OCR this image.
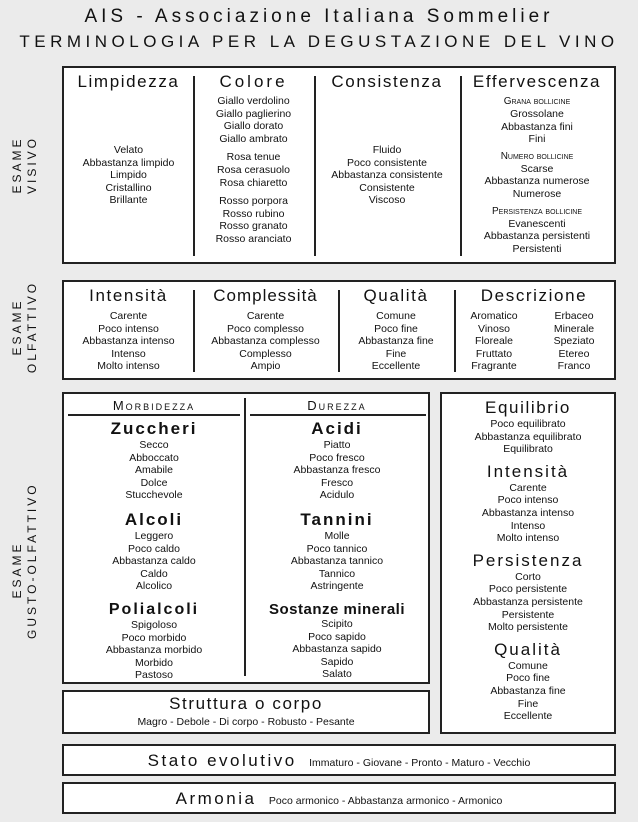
AIS - Associazione Italiana Sommelier
TERMINOLOGIA PER LA DEGUSTAZIONE DEL VINO
ESAME VISIVO
Limpidezza
Velato
Abbastanza limpido
Limpido
Cristallino
Brillante
Colore
Giallo verdolino
Giallo paglierino
Giallo dorato
Giallo ambrato
Rosa tenue
Rosa cerasuolo
Rosa chiaretto
Rosso porpora
Rosso rubino
Rosso granato
Rosso aranciato
Consistenza
Fluido
Poco consistente
Abbastanza consistente
Consistente
Viscoso
Effervescenza
Grana bollicine
Grossolane
Abbastanza fini
Fini
Numero bollicine
Scarse
Abbastanza numerose
Numerose
Persistenza bollicine
Evanescenti
Abbastanza persistenti
Persistenti
ESAME OLFATTIVO	Intensità
Carente
Poco intenso
Abbastanza intenso
Intenso
Molto intenso
Complessità
Carente
Poco complesso
Abbastanza complesso
Complesso
Ampio
Qualità
Comune
Poco fine
Abbastanza fine
Fine
Eccellente
Descrizione
Aromatico
Vinoso
Floreale
Fruttato
Fragrante
Erbaceo
Minerale
Speziato
Etereo
Franco
ESAME GUSTO-OLFATTIVO
Morbidezza
Zuccheri
Secco
Abboccato
Amabile
Dolce
Stucchevole
Alcoli
Leggero
Poco caldo
Abbastanza caldo
Caldo
Alcolico
Polialcoli
Spigoloso
Poco morbido
Abbastanza morbido
Morbido
Pastoso
Durezza
Acidi
Piatto
Poco fresco
Abbastanza fresco
Fresco
Acidulo
Tannini
Molle
Poco tannico
Abbastanza tannico
Tannico
Astringente
Sostanze minerali
Scipito
Poco sapido
Abbastanza sapido
Sapido
Salato
Equilibrio
Poco equilibrato
Abbastanza equilibrato
Equilibrato
Intensità
Carente
Poco intenso
Abbastanza intenso
Intenso
Molto intenso
Persistenza
Corto
Poco persistente
Abbastanza persistente
Persistente
Molto persistente
Qualità
Comune
Poco fine
Abbastanza fine
Fine
Eccellente
Struttura o corpo
Magro - Debole - Di corpo - Robusto - Pesante
Stato evolutivo Immaturo - Giovane - Pronto - Maturo - Vecchio
Armonia Poco armonico - Abbastanza armonico - Armonico
